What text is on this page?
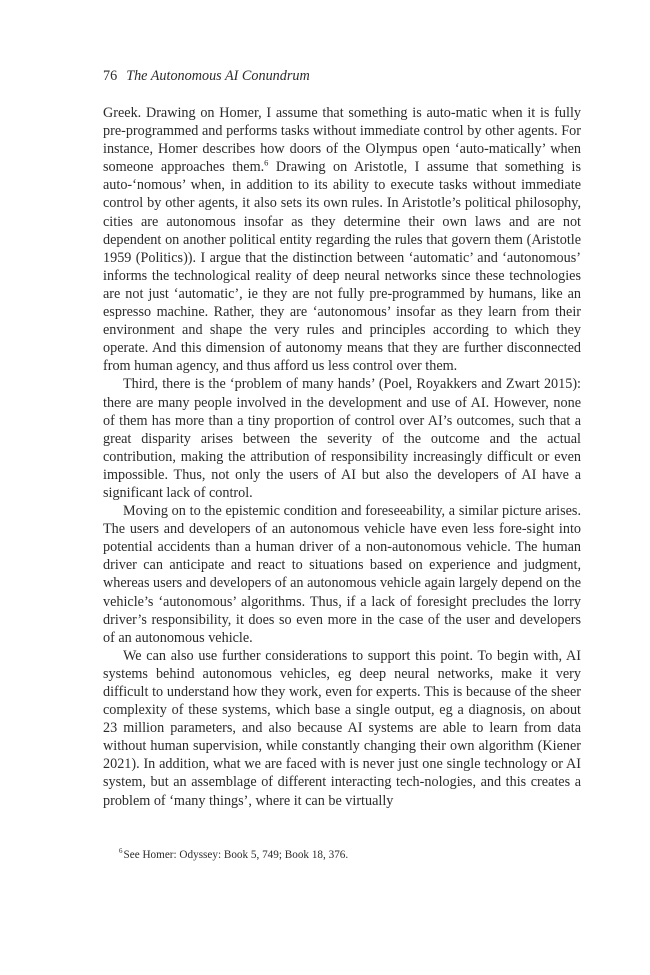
76 The Autonomous AI Conundrum

Greek. Drawing on Homer, I assume that something is auto-matic when it is fully pre-programmed and performs tasks without immediate control by other agents. For instance, Homer describes how doors of the Olympus open ‘auto-matically’ when someone approaches them.$^6$ Drawing on Aristotle, I assume that something is auto-‘nomous’ when, in addition to its ability to execute tasks without immediate control by other agents, it also sets its own rules. In Aristotle’s political philosophy, cities are autonomous insofar as they determine their own laws and are not dependent on another political entity regarding the rules that govern them (Aristotle 1959 (Politics)). I argue that the distinction between ‘automatic’ and ‘autonomous’ informs the technological reality of deep neural networks since these technologies are not just ‘automatic’, ie they are not fully pre-programmed by humans, like an espresso machine. Rather, they are ‘autonomous’ insofar as they learn from their environment and shape the very rules and principles according to which they operate. And this dimension of autonomy means that they are further disconnected from human agency, and thus afford us less control over them.

Third, there is the ‘problem of many hands’ (Poel, Royakkers and Zwart 2015): there are many people involved in the development and use of AI. However, none of them has more than a tiny proportion of control over AI’s outcomes, such that a great disparity arises between the severity of the outcome and the actual contribution, making the attribution of responsibility increasingly difficult or even impossible. Thus, not only the users of AI but also the developers of AI have a significant lack of control.

Moving on to the epistemic condition and foreseeability, a similar picture arises. The users and developers of an autonomous vehicle have even less fore-sight into potential accidents than a human driver of a non-autonomous vehicle. The human driver can anticipate and react to situations based on experience and judgment, whereas users and developers of an autonomous vehicle again largely depend on the vehicle’s ‘autonomous’ algorithms. Thus, if a lack of foresight precludes the lorry driver’s responsibility, it does so even more in the case of the user and developers of an autonomous vehicle.

We can also use further considerations to support this point. To begin with, AI systems behind autonomous vehicles, eg deep neural networks, make it very difficult to understand how they work, even for experts. This is because of the sheer complexity of these systems, which base a single output, eg a diagnosis, on about 23 million parameters, and also because AI systems are able to learn from data without human supervision, while constantly changing their own algorithm (Kiener 2021). In addition, what we are faced with is never just one single technology or AI system, but an assemblage of different interacting tech-nologies, and this creates a problem of ‘many things’, where it can be virtually

$^6$See Homer: Odyssey: Book 5, 749; Book 18, 376.
